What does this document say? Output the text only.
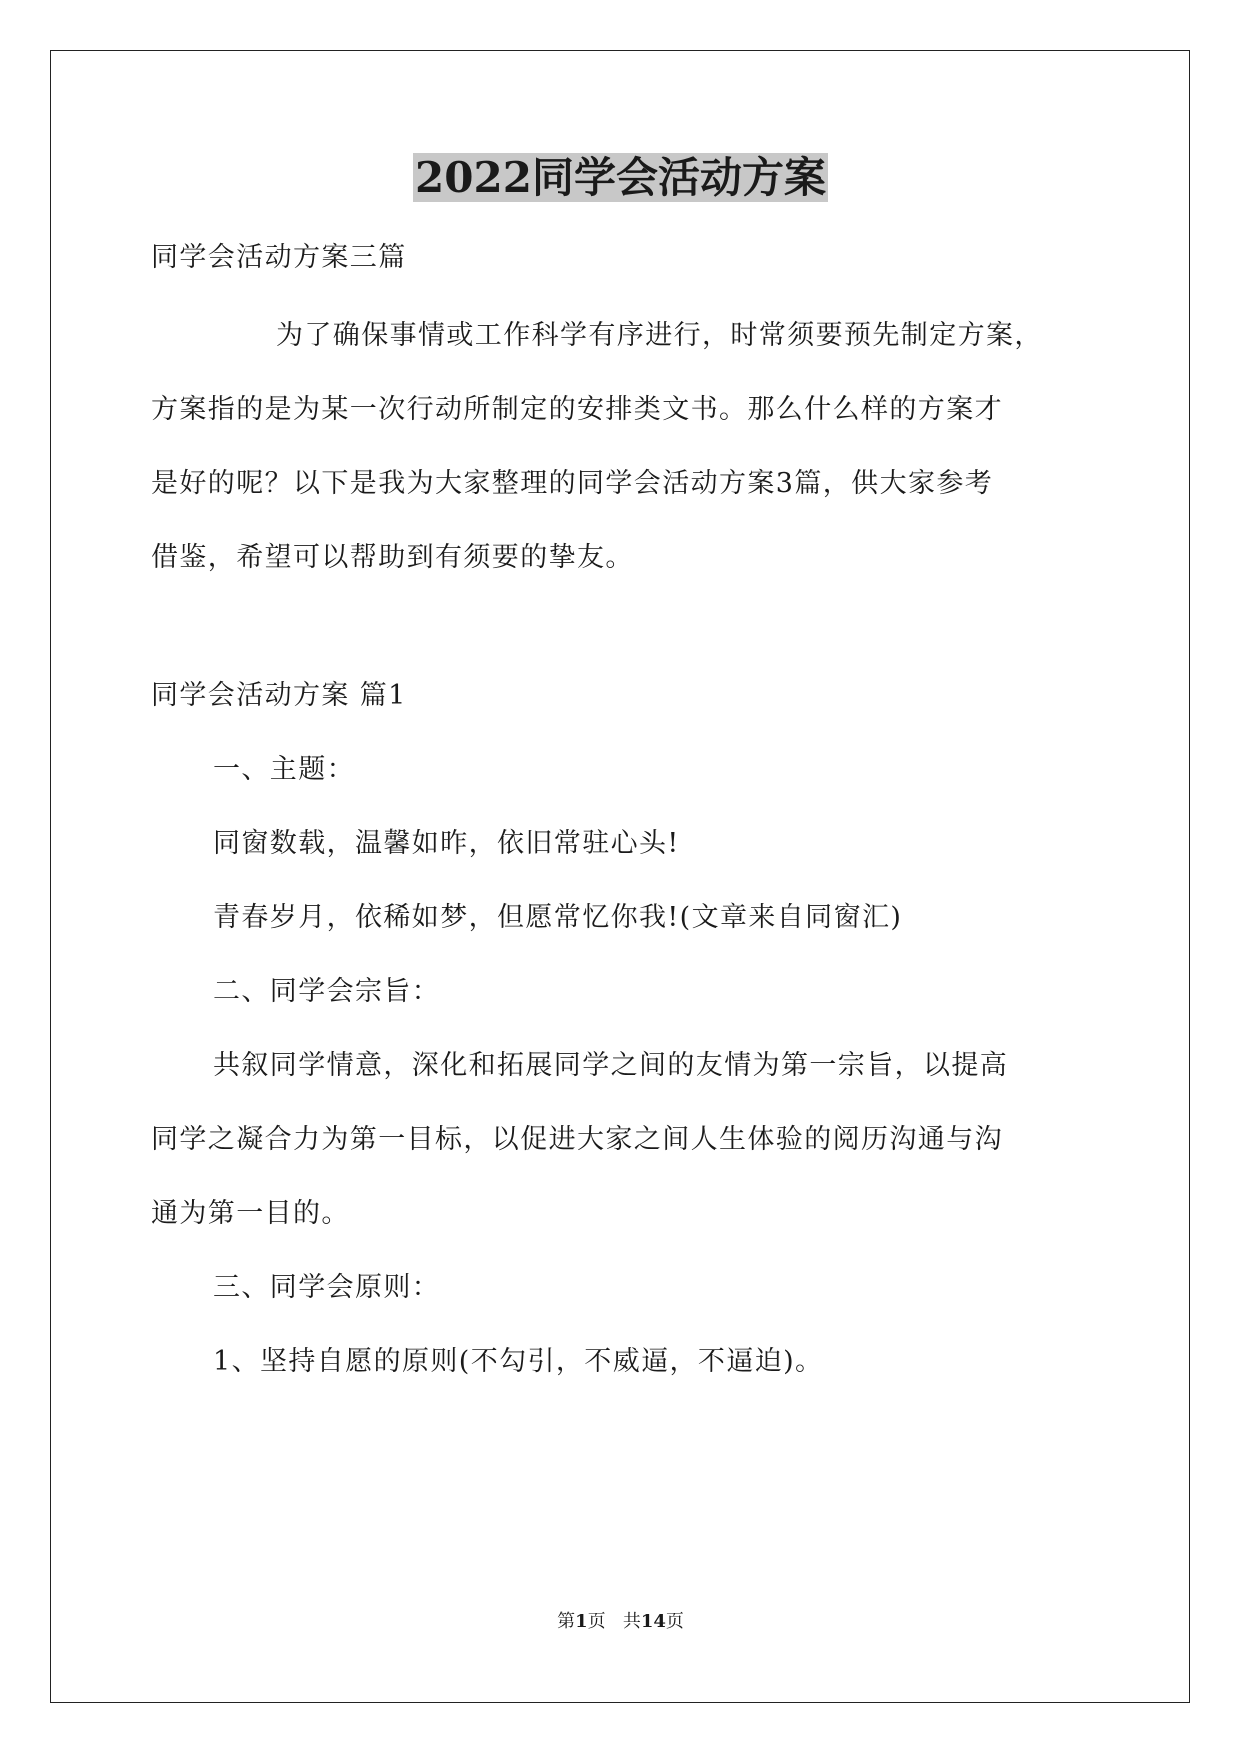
2022同学会活动方案
同学会活动方案三篇
为了确保事情或工作科学有序进行，时常须要预先制定方案，
方案指的是为某一次行动所制定的安排类文书。那么什么样的方案才
是好的呢？以下是我为大家整理的同学会活动方案3篇，供大家参考
借鉴，希望可以帮助到有须要的挚友。
同学会活动方案 篇1
一、主题：
同窗数载，温馨如昨，依旧常驻心头!
青春岁月，依稀如梦，但愿常忆你我!(文章来自同窗汇)
二、同学会宗旨：
共叙同学情意，深化和拓展同学之间的友情为第一宗旨，以提高
同学之凝合力为第一目标，以促进大家之间人生体验的阅历沟通与沟
通为第一目的。
三、同学会原则：
1、坚持自愿的原则(不勾引，不威逼，不逼迫)。
第1页 共14页
